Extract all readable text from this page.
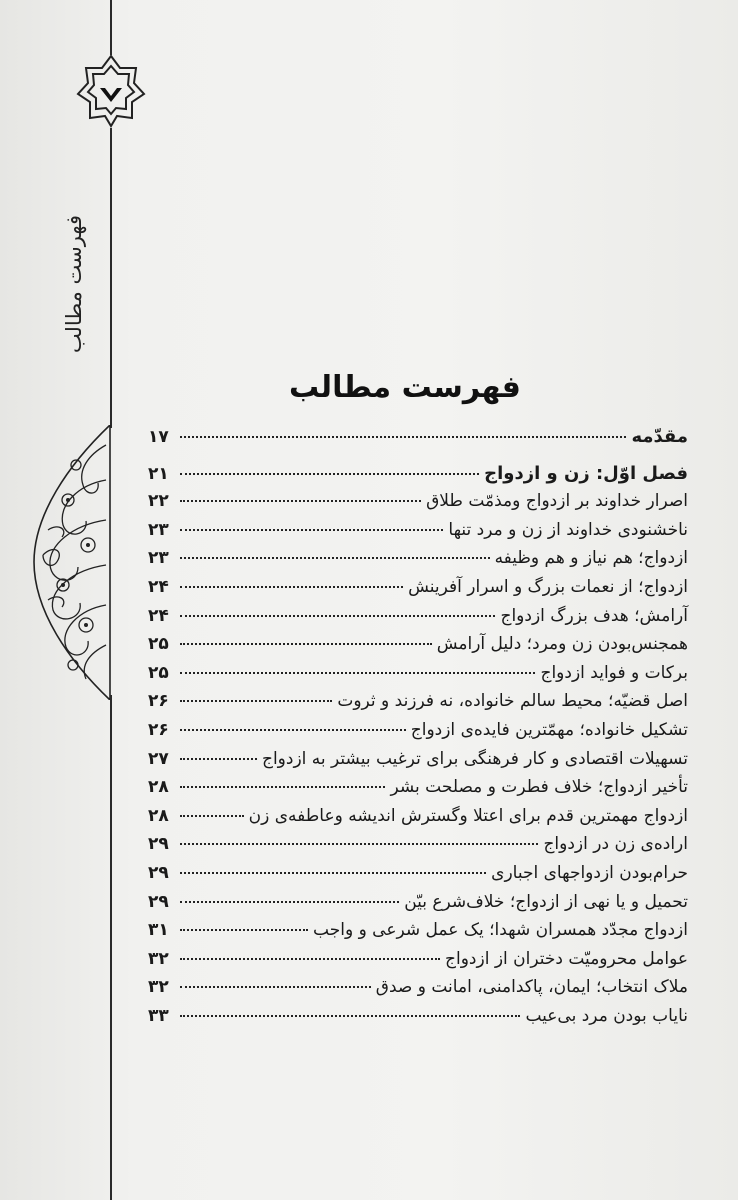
فهرست مطالب
فهرست مطالب
مقدّمه
۱۷
فصل اوّل: زن و ازدواج
۲۱
اصرار خداوند بر ازدواج ومذمّت طلاق
۲۲
ناخشنودی خداوند از زن و مرد تنها
۲۳
ازدواج؛ هم نیاز و هم وظیفه
۲۳
ازدواج؛ از نعمات بزرگ و اسرار آفرینش
۲۴
آرامش؛ هدف بزرگ ازدواج
۲۴
همجنس‌بودن زن ومرد؛ دلیل آرامش
۲۵
برکات و فواید ازدواج
۲۵
اصل قضیّه؛ محیط سالم خانواده، نه فرزند و ثروت
۲۶
تشکیل خانواده؛ مهمّترین فایده‌ی ازدواج
۲۶
تسهیلات اقتصادی و کار فرهنگی برای ترغیب بیشتر به ازدواج
۲۷
تأخیر ازدواج؛ خلاف فطرت و مصلحت بشر
۲۸
ازدواج مهمترین قدم برای اعتلا وگسترش اندیشه وعاطفه‌ی زن
۲۸
اراده‌ی زن در ازدواج
۲۹
حرام‌بودن ازدواجهای اجباری
۲۹
تحمیل و یا نهی از ازدواج؛ خلاف‌شرع بیّن
۲۹
ازدواج مجدّد همسران شهدا؛ یک عمل شرعی و واجب
۳۱
عوامل محرومیّت دختران از ازدواج
۳۲
ملاک انتخاب؛ ایمان، پاکدامنی، امانت و صدق
۳۲
نایاب بودن مرد بی‌عیب
۳۳
